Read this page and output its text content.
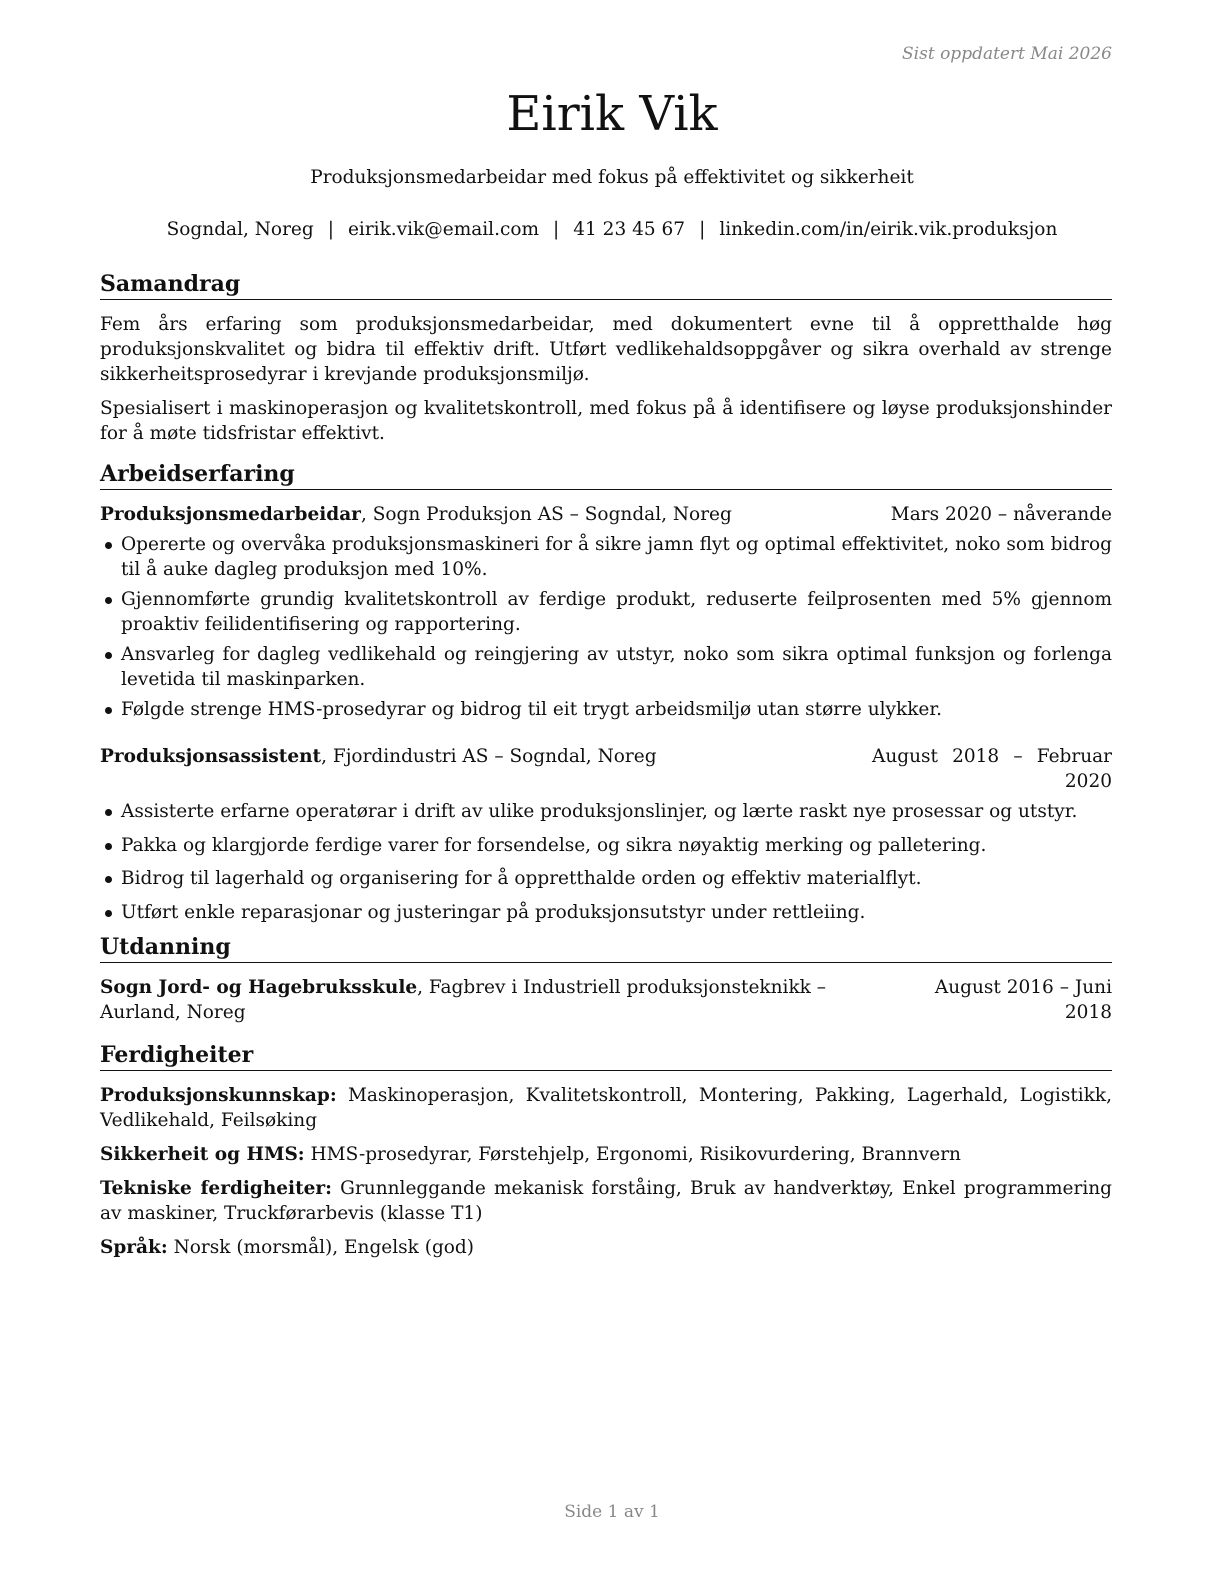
Sist oppdatert Mai 2026
Eirik Vik
Produksjonsmedarbeidar med fokus på effektivitet og sikkerheit
Sogndal, Noreg | eirik.vik@email.com | 41 23 45 67 | linkedin.com/in/eirik.vik.produksjon
Samandrag

Fem års erfaring som produksjonsmedarbeidar, med dokumentert evne til å oppretthalde høg produksjonskvalitet og bidra til effektiv drift. Utført vedlikehaldsoppgåver og sikra overhald av strenge sikkerheitsprosedyrar i krevjande produksjonsmiljø.

Spesialisert i maskinoperasjon og kvalitetskontroll, med fokus på å identifisere og løyse produksjonshinder for å møte tidsfristar effektivt.

Arbeidserfaring
Produksjonsmedarbeidar, Sogn Produksjon AS – Sogndal, Noreg	Mars 2020 – nåverande
Opererte og overvåka produksjonsmaskineri for å sikre jamn flyt og optimal effektivitet, noko som bidrog til å auke dagleg produksjon med 10%.
Gjennomførte grundig kvalitetskontroll av ferdige produkt, reduserte feilprosenten med 5% gjennom proaktiv feilidentifisering og rapportering.
Ansvarleg for dagleg vedlikehald og reingjering av utstyr, noko som sikra optimal funksjon og forlenga levetida til maskinparken.
Følgde strenge HMS-prosedyrar og bidrog til eit trygt arbeidsmiljø utan større ulykker.
Produksjonsassistent, Fjordindustri AS – Sogndal, Noreg	August 2018 – Februar 2020
Assisterte erfarne operatørar i drift av ulike produksjonslinjer, og lærte raskt nye prosessar og utstyr.
Pakka og klargjorde ferdige varer for forsendelse, og sikra nøyaktig merking og palletering.
Bidrog til lagerhald og organisering for å oppretthalde orden og effektiv materialflyt.
Utført enkle reparasjonar og justeringar på produksjonsutstyr under rettleiing.
Utdanning
Sogn Jord- og Hagebruksskule, Fagbrev i Industriell produksjonsteknikk – Aurland, Noreg
August 2016 – Juni 2018
Ferdigheiter
Produksjonskunnskap: Maskinoperasjon, Kvalitetskontroll, Montering, Pakking, Lagerhald, Logistikk, Vedlikehald, Feilsøking
Sikkerheit og HMS: HMS-prosedyrar, Førstehjelp, Ergonomi, Risikovurdering, Brannvern
Tekniske ferdigheiter: Grunnleggande mekanisk forståing, Bruk av handverktøy, Enkel programmering av maskiner, Truckførarbevis (klasse T1)
Språk: Norsk (morsmål), Engelsk (god)
Side 1 av 1
